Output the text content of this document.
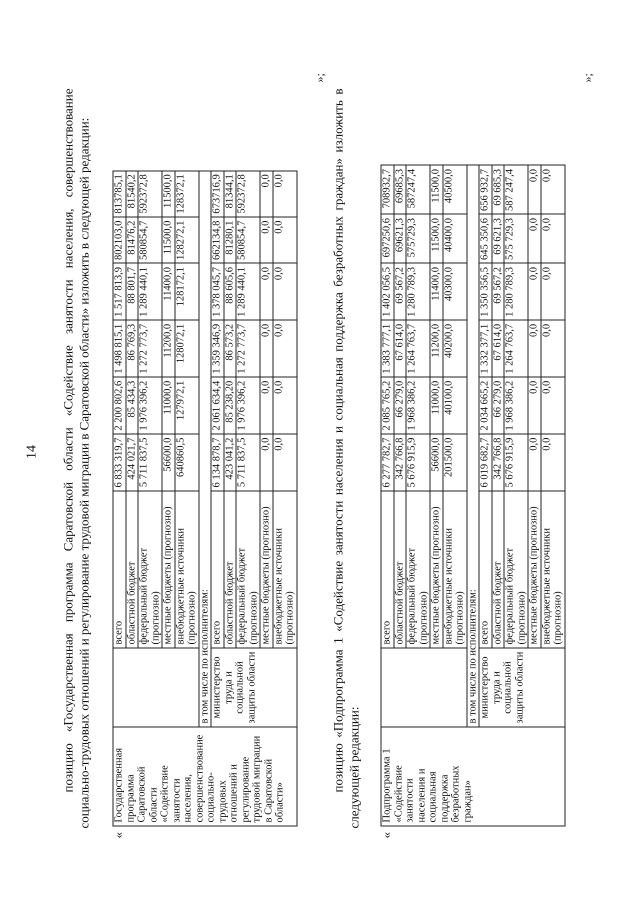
14 позицию «Государственная программа Саратовской области «Содействие занятости населения, совершенствование социально-трудовых отношений и регулирование трудовой миграции в Саратовской области» изложить в следующей редакции:
«
Государственная программа Саратовской области «Содействие занятости населения, совершенствование социально-трудовых отношений и регулирование трудовой миграции в Саратовской области»		всего	6 833 319,7	2 200 802,6	1 498 815,1	1 517 813,9	802103,0	813785,1
		областной бюджет	424 021,7	85 434,3	86 769,3	88 801,7	81476,2	81540,2
		федеральный бюджет (прогнозно)	5 711 837,5	1 976 396,2	1 272 773,7	1 289 440,1	580854,7	592372,8
		местные бюджеты (прогнозно)	56600,0	11000,0	11200,0	11400,0	11500,0	11500,0
		внебюджетные источники (прогнозно)	640860,5	127972,1	128072,1	128172,1	128272,1	128372,1
	в том числе по исполнителям:							
	министерство труда и социальной защиты области	всего	6 134 878,7	2 061 634,4	1 359 346,9	1 378 045,7	662134,8	673716,9
		областной бюджет	423 041,2	85 238,20	86 573,2	88 605,6	81280,1	81344,1
		федеральный бюджет (прогнозно)	5 711 837,5	1 976 396,2	1 272 773,7	1 289 440,1	580854,7	592372,8
		местные бюджеты (прогнозно)	0,0	0,0	0,0	0,0	0,0	0,0
		внебюджетные источники (прогнозно)	0,0	0,0	0,0	0,0	0,0	0,0
»;
позицию «Подпрограмма 1 «Содействие занятости населения и социальная поддержка безработных граждан» изложить в следующей редакции:
«
Подпрограмма 1 «Содействие занятости населения и социальная поддержка безработных граждан»		всего	6 277 782,7	2 085 765,2	1 383 777,1	1 402 056,5	697250,6	708932,7
		областной бюджет	342 766,8	66 279,0	67 614,0	69 567,2	69621,3	69685,3
		федеральный бюджет (прогнозно)	5 676 915,9	1 968 386,2	1 264 763,7	1 280 789,3	575729,3	587247,4
		местные бюджеты (прогнозно)	56600,0	11000,0	11200,0	11400,0	11500,0	11500,0
		внебюджетные источники (прогнозно)	201500,0	40100,0	40200,0	40300,0	40400,0	40500,0
	в том числе по исполнителям:							
	министерство труда и социальной защиты области	всего	6 019 682,7	2 034 665,2	1 332 377,1	1 350 356,5	645 350,6	656 932,7
		областной бюджет	342 766,8	66 279,0	67 614,0	69 567,2	69 621,3	69 685,3
		федеральный бюджет (прогнозно)	5 676 915,9	1 968 386,2	1 264 763,7	1 280 789,3	575 729,3	587 247,4
		местные бюджеты (прогнозно)	0,0	0,0	0,0	0,0	0,0	0,0
		внебюджетные источники (прогнозно)	0,0	0,0	0,0	0,0	0,0	0,0
»;
